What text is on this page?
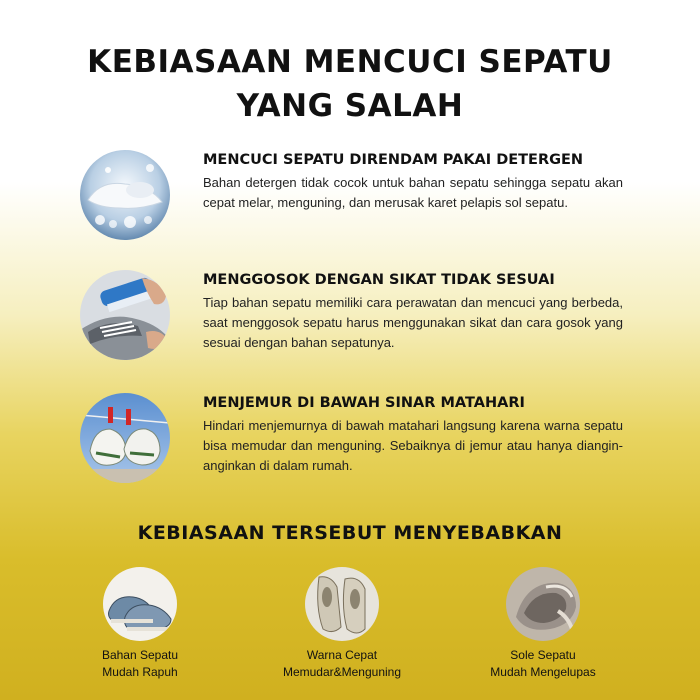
KEBIASAAN MENCUCI SEPATU
YANG SALAH
MENCUCI SEPATU DIRENDAM PAKAI DETERGEN
Bahan detergen tidak cocok untuk bahan sepatu sehingga sepatu akan cepat melar, menguning, dan merusak karet pelapis sol sepatu.
MENGGOSOK DENGAN SIKAT TIDAK SESUAI
Tiap bahan sepatu memiliki cara perawatan dan mencuci yang berbeda, saat menggosok sepatu harus menggunakan sikat dan cara gosok yang sesuai dengan bahan sepatunya.
MENJEMUR DI BAWAH SINAR MATAHARI
Hindari menjemurnya di bawah matahari langsung karena warna sepatu bisa memudar dan menguning. Sebaiknya di jemur atau hanya diangin-anginkan di dalam rumah.
KEBIASAAN TERSEBUT MENYEBABKAN
Bahan Sepatu
Mudah Rapuh
Warna Cepat
Memudar&Menguning
Sole Sepatu
Mudah Mengelupas
